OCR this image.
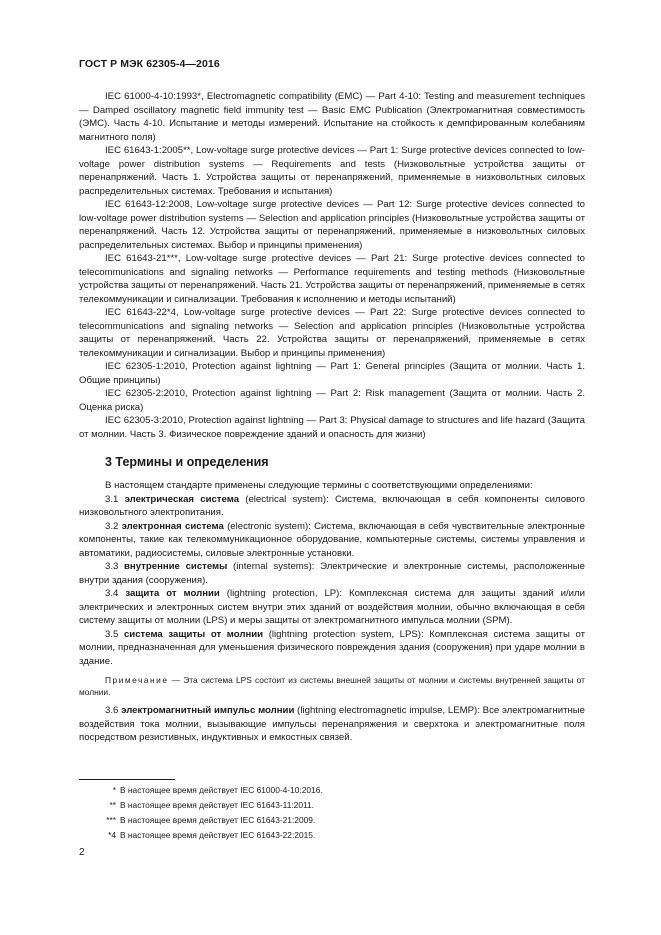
ГОСТ Р МЭК 62305-4—2016

IEC 61000-4-10:1993*, Electromagnetic compatibility (EMC) — Part 4-10: Testing and measurement techniques — Damped oscillatory magnetic field immunity test — Basic EMC Publication (Электромагнитная совместимость (ЭМС). Часть 4-10. Испытание и методы измерений. Испытание на стойкость к демпфированным колебаниям магнитного поля)

IEC 61643-1:2005**, Low-voltage surge protective devices — Part 1: Surge protective devices connected to low-voltage power distribution systems — Requirements and tests (Низковольтные устройства защиты от перенапряжений. Часть 1. Устройства защиты от перенапряжений, применяемые в низковольтных силовых распределительных системах. Требования и испытания)

IEC 61643-12:2008, Low-voltage surge protective devices — Part 12: Surge protective devices connected to low-voltage power distribution systems — Selection and application principles (Низковольтные устройства защиты от перенапряжений. Часть 12. Устройства защиты от перенапряжений, применяемые в низковольтных силовых распределительных системах. Выбор и принципы применения)

IEC 61643-21***, Low-voltage surge protective devices — Part 21: Surge protective devices connected to telecommunications and signaling networks — Performance requirements and testing methods (Низковольтные устройства защиты от перенапряжений. Часть 21. Устройства защиты от перенапряжений, применяемые в сетях телекоммуникации и сигнализации. Требования к исполнению и методы испытаний)

IEC 61643-22*4, Low-voltage surge protective devices — Part 22: Surge protective devices connected to telecommunications and signaling networks — Selection and application principles (Низковольтные устройства защиты от перенапряжений. Часть 22. Устройства защиты от перенапряжений, применяемые в сетях телекоммуникации и сигнализации. Выбор и принципы применения)

IEC 62305-1:2010, Protection against lightning — Part 1: General principles (Защита от молнии. Часть 1. Общие принципы)

IEC 62305-2:2010, Protection against lightning — Part 2: Risk management (Защита от молнии. Часть 2. Оценка риска)

IEC 62305-3:2010, Protection against lightning — Part 3: Physical damage to structures and life hazard (Защита от молнии. Часть 3. Физическое повреждение зданий и опасность для жизни)

3 Термины и определения

В настоящем стандарте применены следующие термины с соответствующими определениями:

3.1 электрическая система (electrical system): Система, включающая в себя компоненты силового низковольтного электропитания.

3.2 электронная система (electronic system): Система, включающая в себя чувствительные электронные компоненты, такие как телекоммуникационное оборудование, компьютерные системы, системы управления и автоматики, радиосистемы, силовые электронные установки.

3.3 внутренние системы (internal systems): Электрические и электронные системы, расположенные внутри здания (сооружения).

3.4 защита от молнии (lightning protection, LP): Комплексная система для защиты зданий и/или электрических и электронных систем внутри этих зданий от воздействия молнии, обычно включающая в себя систему защиты от молнии (LPS) и меры защиты от электромагнитного импульса молнии (SPM).

3.5 система защиты от молнии (lightning protection system, LPS): Комплексная система защиты от молнии, предназначенная для уменьшения физического повреждения здания (сооружения) при ударе молнии в здание.

Примечание — Эта система LPS состоит из системы внешней защиты от молнии и системы внутренней защиты от молнии.

3.6 электромагнитный импульс молнии (lightning electromagnetic impulse, LEMP): Все электромагнитные воздействия тока молнии, вызывающие импульсы перенапряжения и сверхтока и электромагнитные поля посредством резистивных, индуктивных и емкостных связей.

* В настоящее время действует IEC 61000-4-10:2016.
** В настоящее время действует IEC 61643-11:2011.
*** В настоящее время действует IEC 61643-21:2009.
*4 В настоящее время действует IEC 61643-22:2015.
2
